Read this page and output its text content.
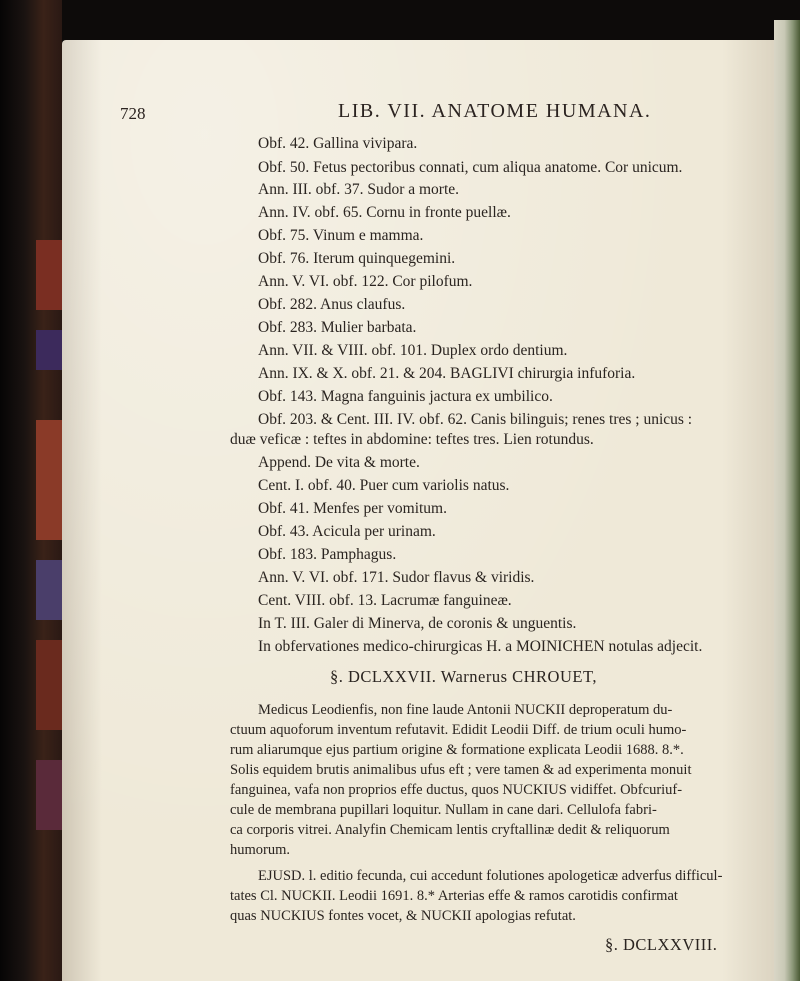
728	LIB. VII. ANATOME HUMANA.
Obf. 42. Gallina vivipara.
Obf. 50. Fetus pectoribus connati, cum aliqua anatome. Cor unicum.
Ann. III. obf. 37. Sudor a morte.
Ann. IV. obf. 65. Cornu in fronte puellæ.
Obf. 75. Vinum e mamma.
Obf. 76. Iterum quinquegemini.
Ann. V. VI. obf. 122. Cor pilofum.
Obf. 282. Anus claufus.
Obf. 283. Mulier barbata.
Ann. VII. & VIII. obf. 101. Duplex ordo dentium.
Ann. IX. & X. obf. 21. & 204. BAGLIVI chirurgia infuforia.
Obf. 143. Magna fanguinis jactura ex umbilico.
Obf. 203. & Cent. III. IV. obf. 62. Canis bilinguis; renes tres ; unicus :
duæ veficæ : teftes in abdomine: teftes tres. Lien rotundus.
Append. De vita & morte.
Cent. I. obf. 40. Puer cum variolis natus.
Obf. 41. Menfes per vomitum.
Obf. 43. Acicula per urinam.
Obf. 183. Pamphagus.
Ann. V. VI. obf. 171. Sudor flavus & viridis.
Cent. VIII. obf. 13. Lacrumæ fanguineæ.
In T. III. Galer di Minerva, de coronis & unguentis.
In obfervationes medico-chirurgicas H. a MOINICHEN notulas adjecit.
§. DCLXXVII. Warnerus CHROUET,
Medicus Leodienfis, non fine laude Antonii NUCKII deproperatum du-
ctuum aquoforum inventum refutavit. Edidit Leodii Diff. de trium oculi humo-
rum aliarumque ejus partium origine & formatione explicata Leodii 1688. 8.*.
Solis equidem brutis animalibus ufus eft ; vere tamen & ad experimenta monuit
fanguinea, vafa non proprios effe ductus, quos NUCKIUS vidiffet. Obfcuriuf-
cule de membrana pupillari loquitur. Nullam in cane dari. Cellulofa fabri-
ca corporis vitrei. Analyfin Chemicam lentis cryftallinæ dedit & reliquorum
humorum.
EJUSD. l. editio fecunda, cui accedunt folutiones apologeticæ adverfus difficul-
tates Cl. NUCKII. Leodii 1691. 8.* Arterias effe & ramos carotidis confirmat
quas NUCKIUS fontes vocet, & NUCKII apologias refutat.
§. DCLXXVIII.
